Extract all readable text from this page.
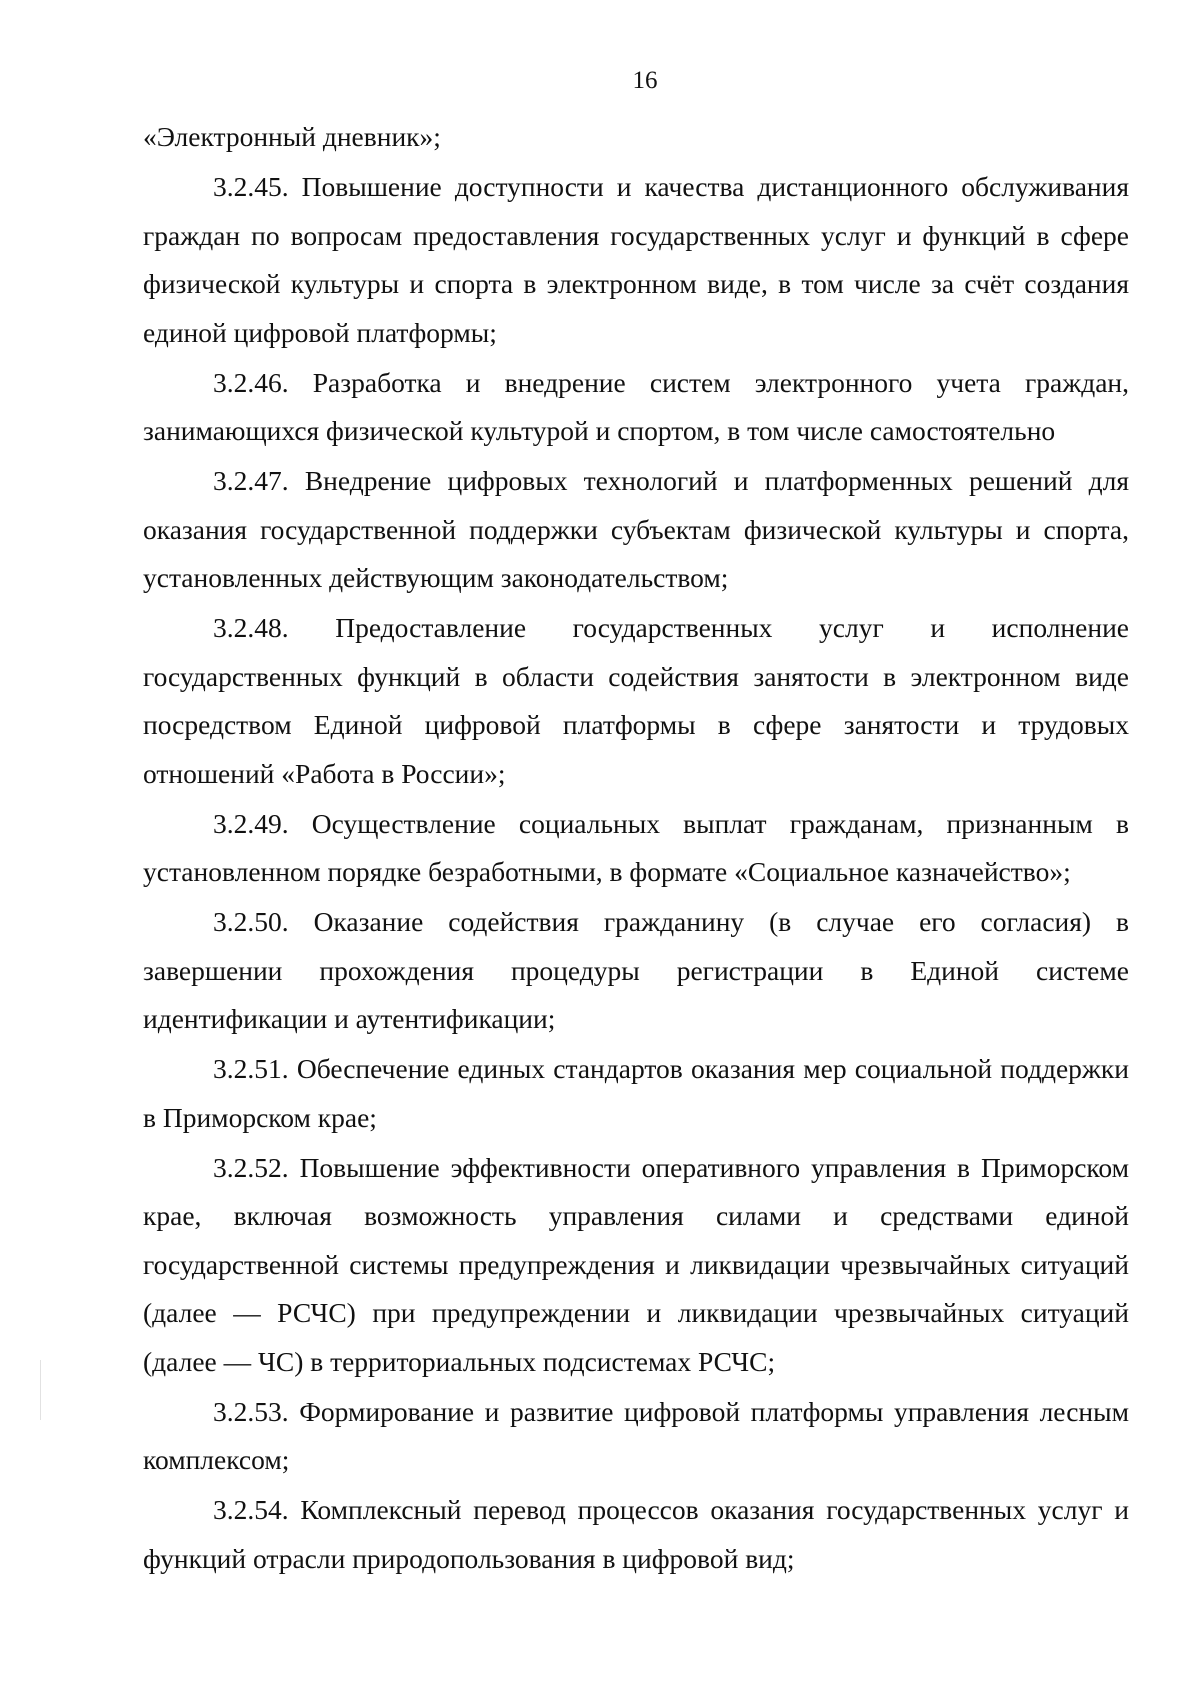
16

«Электронный дневник»;

3.2.45. Повышение доступности и качества дистанционного обслуживания граждан по вопросам предоставления государственных услуг и функций в сфере физической культуры и спорта в электронном виде, в том числе за счёт создания единой цифровой платформы;

3.2.46. Разработка и внедрение систем электронного учета граждан, занимающихся физической культурой и спортом, в том числе самостоятельно

3.2.47. Внедрение цифровых технологий и платформенных решений для оказания государственной поддержки субъектам физической культуры и спорта, установленных действующим законодательством;

3.2.48. Предоставление государственных услуг и исполнение государственных функций в области содействия занятости в электронном виде посредством Единой цифровой платформы в сфере занятости и трудовых отношений «Работа в России»;

3.2.49. Осуществление социальных выплат гражданам, признанным в установленном порядке безработными, в формате «Социальное казначейство»;

3.2.50. Оказание содействия гражданину (в случае его согласия) в завершении прохождения процедуры регистрации в Единой системе идентификации и аутентификации;

3.2.51. Обеспечение единых стандартов оказания мер социальной поддержки в Приморском крае;

3.2.52. Повышение эффективности оперативного управления в Приморском крае, включая возможность управления силами и средствами единой государственной системы предупреждения и ликвидации чрезвычайных ситуаций (далее — РСЧС) при предупреждении и ликвидации чрезвычайных ситуаций (далее — ЧС) в территориальных подсистемах РСЧС;

3.2.53. Формирование и развитие цифровой платформы управления лесным комплексом;

3.2.54. Комплексный перевод процессов оказания государственных услуг и функций отрасли природопользования в цифровой вид;
